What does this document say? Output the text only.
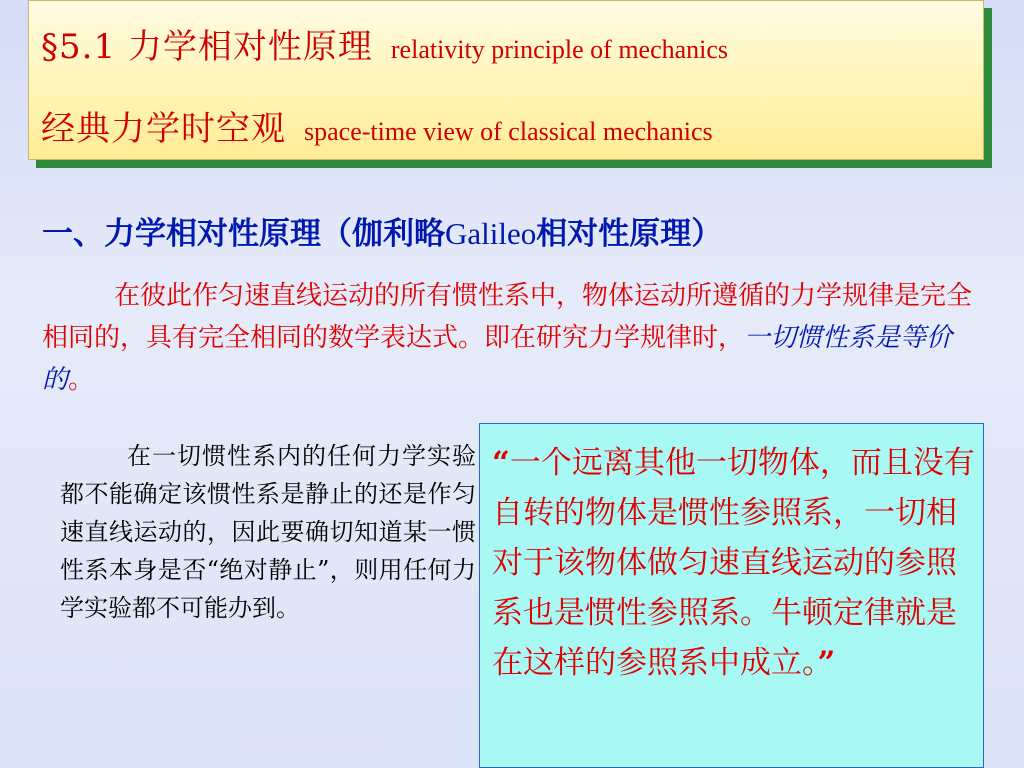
§5.1 力学相对性原理 relativity principle of mechanics
经典力学时空观 space-time view of classical mechanics
一、力学相对性原理（伽利略Galileo相对性原理）
在彼此作匀速直线运动的所有惯性系中，物体运动所遵循的力学规律是完全相同的，具有完全相同的数学表达式。即在研究力学规律时，一切惯性系是等价的。
在一切惯性系内的任何力学实验都不能确定该惯性系是静止的还是作匀速直线运动的，因此要确切知道某一惯性系本身是否“绝对静止”，则用任何力学实验都不可能办到。
“一个远离其他一切物体，而且没有自转的物体是惯性参照系，一切相对于该物体做匀速直线运动的参照系也是惯性参照系。牛顿定律就是在这样的参照系中成立。”
